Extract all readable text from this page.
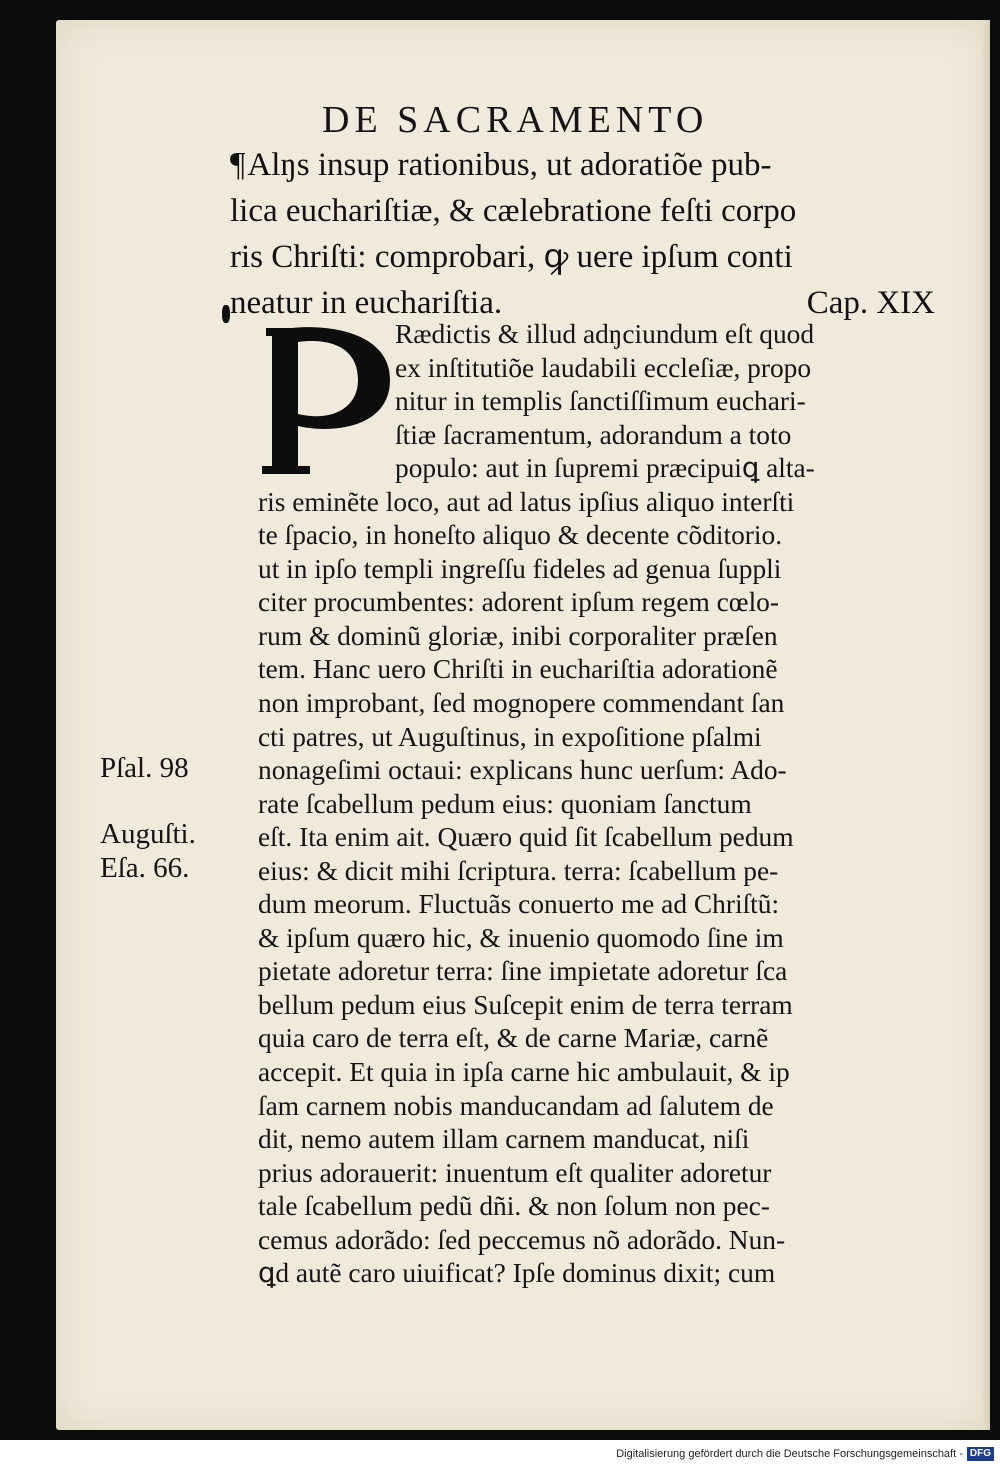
DE SACRAMENTO
¶Alŋs insup rationibus, ut adoratiõe pub-
lica euchariſtiæ, & cælebratione feſti corpo
ris Chriſti: comprobari, ꝙ uere ipſum conti
neatur in euchariſtia.	Cap. XIX
Rædictis & illud adŋciundum eſt quod
ex inſtitutiõe laudabili eccleſiæ, propo
nitur in templis ſanctiſſimum euchari-
ſtiæ ſacramentum, adorandum a toto
populo: aut in ſupremi præcipuiꝗ alta-
ris eminẽte loco, aut ad latus ipſius aliquo interſti
te ſpacio, in honeſto aliquo & decente cõditorio.
ut in ipſo templi ingreſſu fideles ad genua ſuppli
citer procumbentes: adorent ipſum regem cœlo-
rum & dominũ gloriæ, inibi corporaliter præſen
tem. Hanc uero Chriſti in euchariſtia adorationẽ
non improbant, ſed mognopere commendant ſan
cti patres, ut Auguſtinus, in expoſitione pſalmi
nonageſimi octaui: explicans hunc uerſum: Ado-
rate ſcabellum pedum eius: quoniam ſanctum
eſt. Ita enim ait. Quæro quid ſit ſcabellum pedum
eius: & dicit mihi ſcriptura. terra: ſcabellum pe-
dum meorum. Fluctuãs conuerto me ad Chriſtũ:
& ipſum quæro hic, & inuenio quomodo ſine im
pietate adoretur terra: ſine impietate adoretur ſca
bellum pedum eius Suſcepit enim de terra terram
quia caro de terra eſt, & de carne Mariæ, carnẽ
accepit. Et quia in ipſa carne hic ambulauit, & ip
ſam carnem nobis manducandam ad ſalutem de
dit, nemo autem illam carnem manducat, niſi
prius adorauerit: inuentum eſt qualiter adoretur
tale ſcabellum pedũ dñi. & non ſolum non pec-
cemus adorãdo: ſed peccemus nõ adorãdo. Nun-
ꝗd autẽ caro uiuificat? Ipſe dominus dixit; cum
Pſal. 98
Auguſti.
Eſa. 66.
Digitalisierung gefördert durch die Deutsche Forschungsgemeinschaft - DFG
